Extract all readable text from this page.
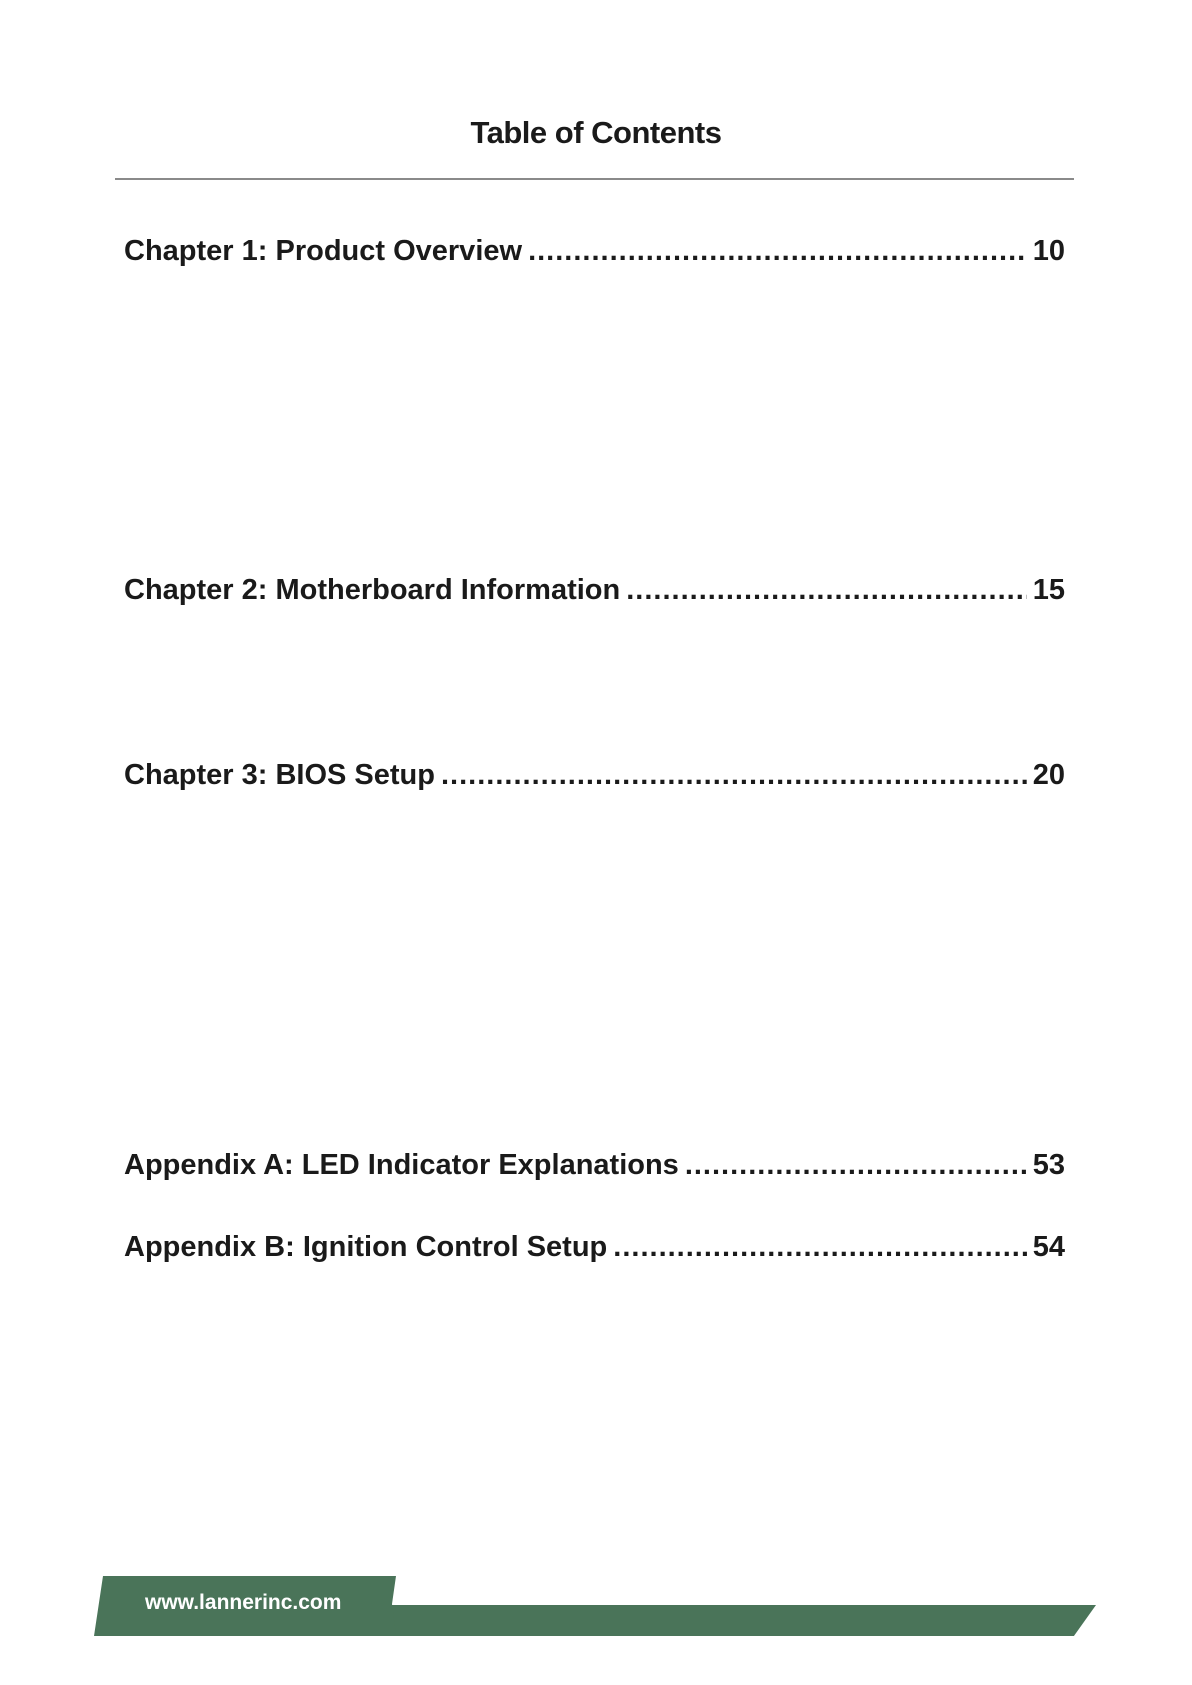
Table of Contents
Chapter 1: Product Overview .....	10
Chapter 2: Motherboard Information .....	15
Chapter 3: BIOS Setup .....	20
Appendix A: LED Indicator Explanations .....	53
Appendix B: Ignition Control Setup .....	54
www.lannerinc.com
